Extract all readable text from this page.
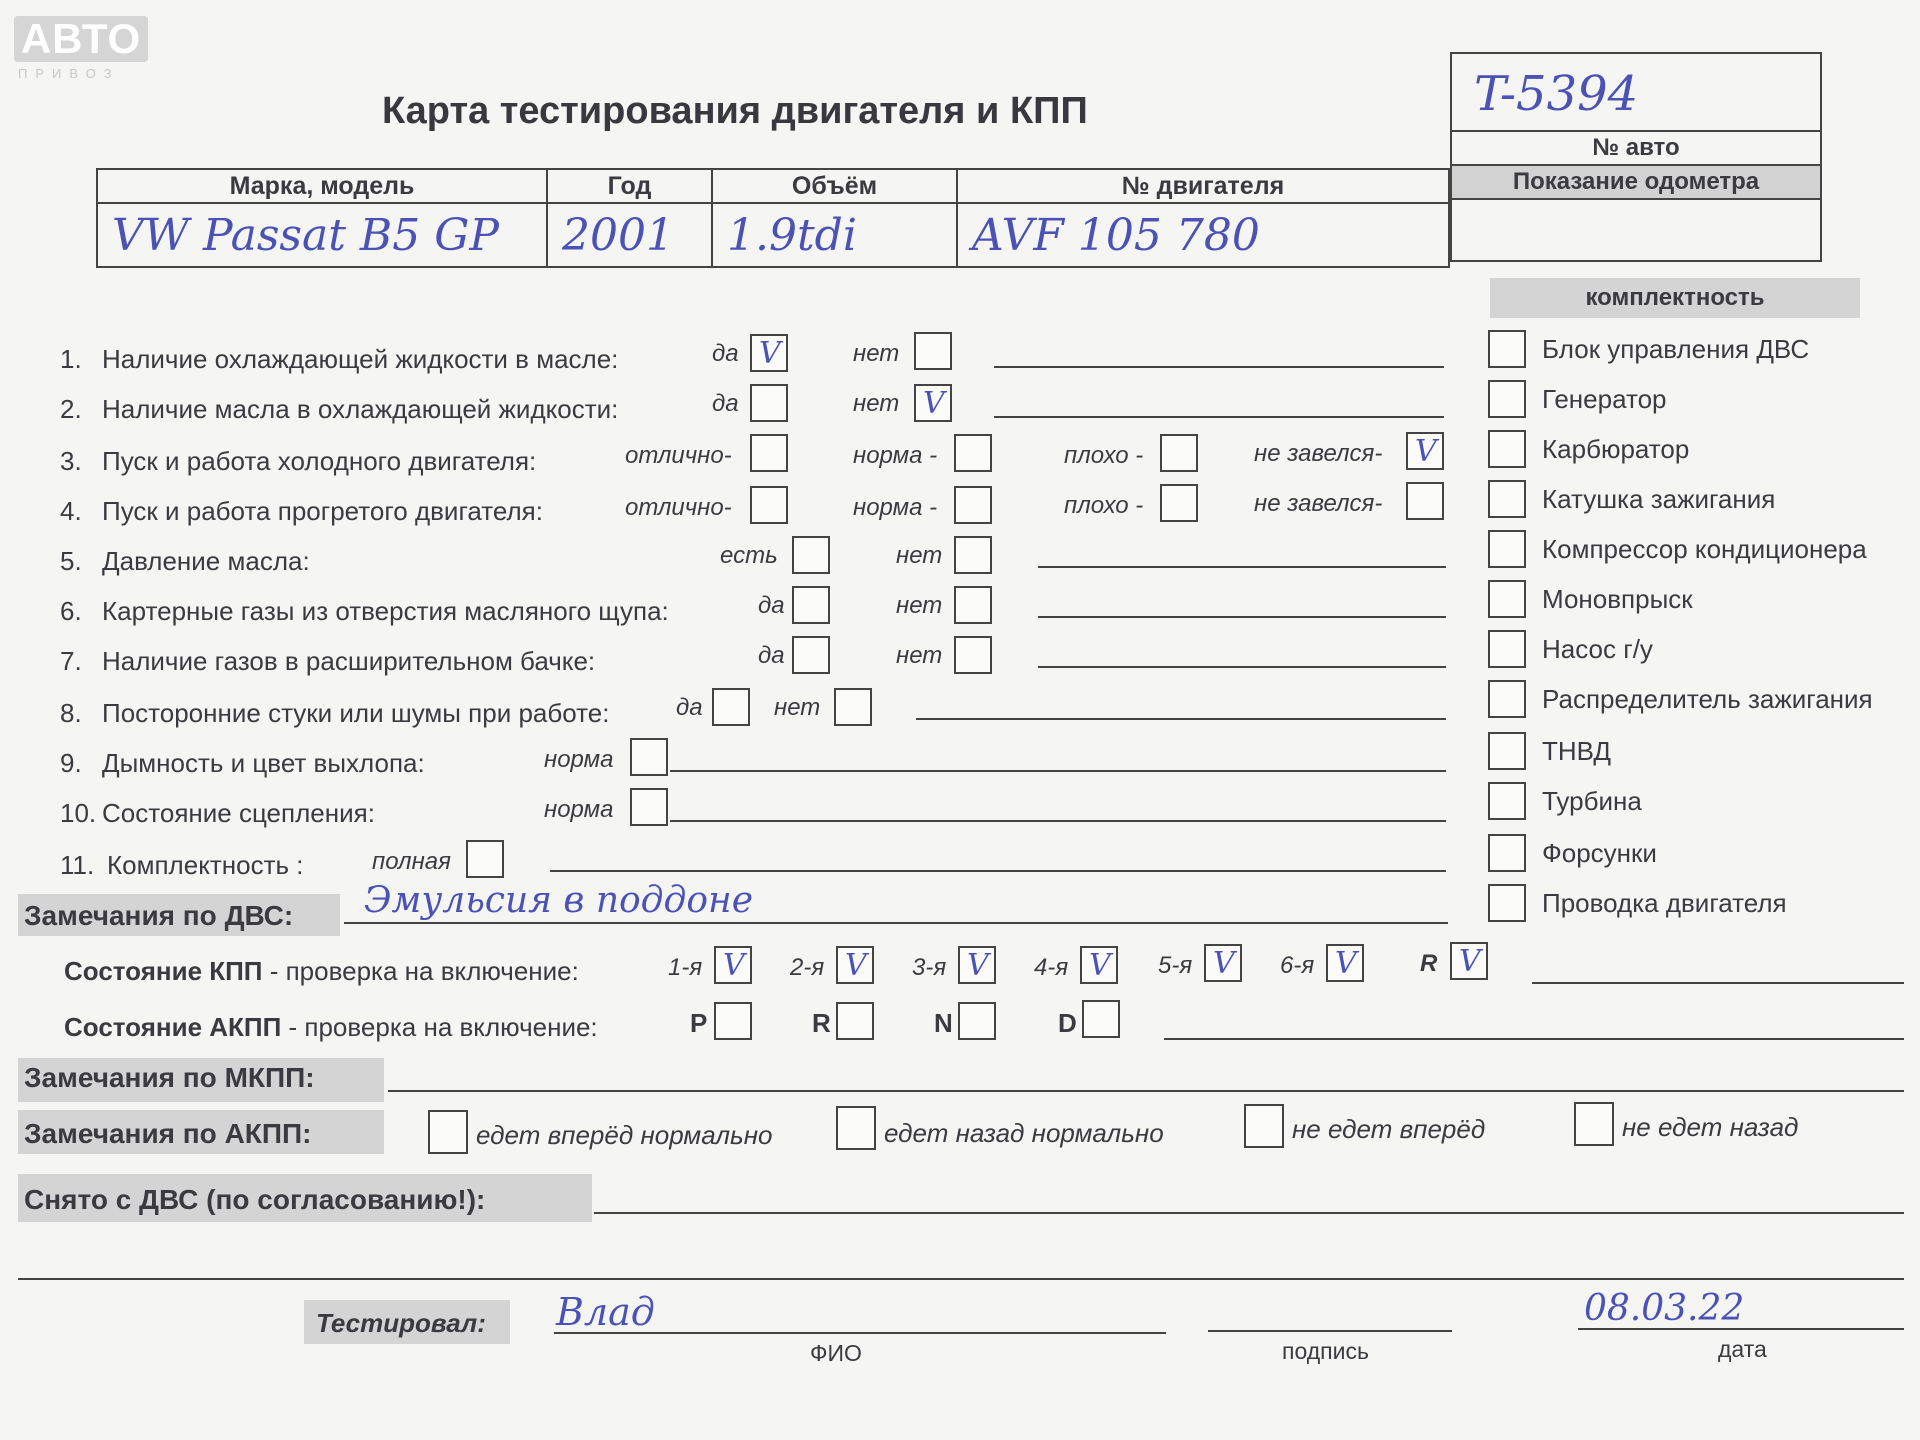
АВТО
ПРИВОЗ
Карта тестирования двигателя и КПП	T-5394
№ авто
Показание одометра
Марка, модель	Год	Объём	№ двигателя
VW Passat B5 GP	2001	1.9tdi	AVF 105 780
1. Наличие охлаждающей жидкости в масле:	да V	нет
2. Наличие масла в охлаждающей жидкости:	да	нет V
3. Пуск и работа холодного двигателя:	отлично-	норма -	плохо -	не завелся- V
4. Пуск и работа прогретого двигателя:	отлично-	норма -	плохо -	не завелся-
5. Давление масла:	есть	нет
6. Картерные газы из отверстия масляного щупа:	да	нет
7. Наличие газов в расширительном бачке:	да	нет
8. Посторонние стуки или шумы при работе:	да	нет
9. Дымность и цвет выхлопа:	норма
10. Состояние сцепления:	норма
11. Комплектность :	полная
комплектность
Блок управления ДВС
Генератор
Карбюратор
Катушка зажигания
Компрессор кондиционера
Моновпрыск
Насос г/у
Распределитель зажигания
ТНВД
Турбина
Форсунки
Проводка двигателя
Замечания по ДВС: Эмульсия в поддоне
Состояние КПП - проверка на включение:	1-я V 2-я V 3-я V 4-я V 5-я V 6-я V	R V
Состояние АКПП - проверка на включение:	P	R	N	D
Замечания по МКПП:
Замечания по АКПП:	едет вперёд нормально	едет назад нормально	не едет вперёд	не едет назад
Снято с ДВС (по согласованию!):
Тестировал: Влад
ФИО	подпись
08.03.22
дата
